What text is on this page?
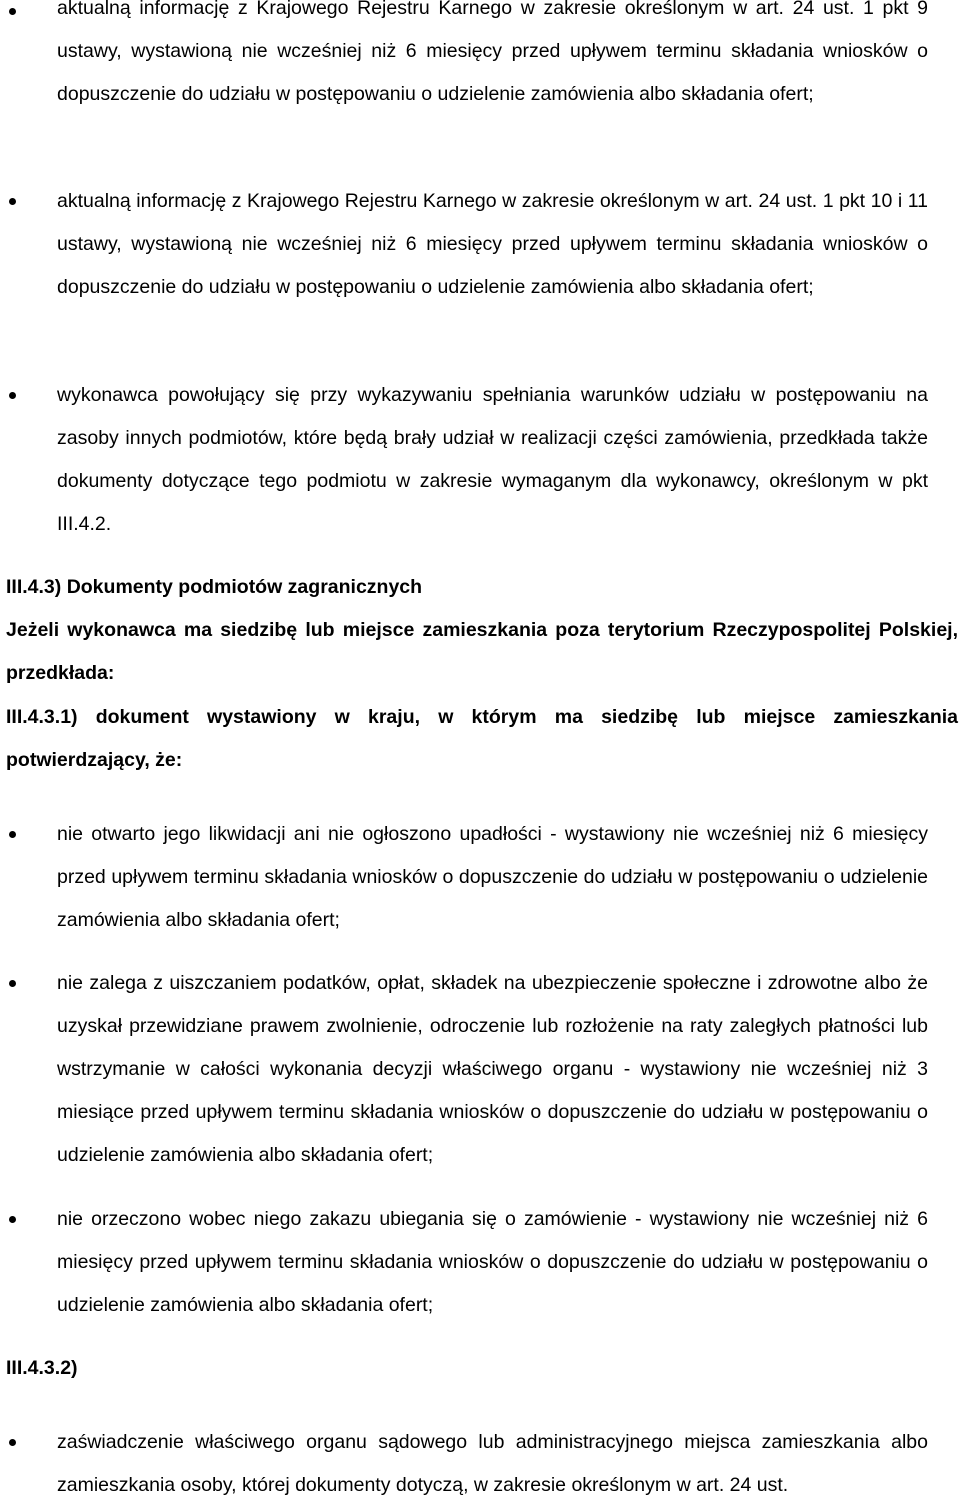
aktualną informację z Krajowego Rejestru Karnego w zakresie określonym w art. 24 ust. 1 pkt 9 ustawy, wystawioną nie wcześniej niż 6 miesięcy przed upływem terminu składania wniosków o dopuszczenie do udziału w postępowaniu o udzielenie zamówienia albo składania ofert;

aktualną informację z Krajowego Rejestru Karnego w zakresie określonym w art. 24 ust. 1 pkt 10 i 11 ustawy, wystawioną nie wcześniej niż 6 miesięcy przed upływem terminu składania wniosków o dopuszczenie do udziału w postępowaniu o udzielenie zamówienia albo składania ofert;

wykonawca powołujący się przy wykazywaniu spełniania warunków udziału w postępowaniu na zasoby innych podmiotów, które będą brały udział w realizacji części zamówienia, przedkłada także dokumenty dotyczące tego podmiotu w zakresie wymaganym dla wykonawcy, określonym w pkt III.4.2.

III.4.3) Dokumenty podmiotów zagranicznych

Jeżeli wykonawca ma siedzibę lub miejsce zamieszkania poza terytorium Rzeczypospolitej Polskiej, przedkłada:

III.4.3.1) dokument wystawiony w kraju, w którym ma siedzibę lub miejsce zamieszkania potwierdzający, że:

nie otwarto jego likwidacji ani nie ogłoszono upadłości - wystawiony nie wcześniej niż 6 miesięcy przed upływem terminu składania wniosków o dopuszczenie do udziału w postępowaniu o udzielenie zamówienia albo składania ofert;

nie zalega z uiszczaniem podatków, opłat, składek na ubezpieczenie społeczne i zdrowotne albo że uzyskał przewidziane prawem zwolnienie, odroczenie lub rozłożenie na raty zaległych płatności lub wstrzymanie w całości wykonania decyzji właściwego organu - wystawiony nie wcześniej niż 3 miesiące przed upływem terminu składania wniosków o dopuszczenie do udziału w postępowaniu o udzielenie zamówienia albo składania ofert;

nie orzeczono wobec niego zakazu ubiegania się o zamówienie - wystawiony nie wcześniej niż 6 miesięcy przed upływem terminu składania wniosków o dopuszczenie do udziału w postępowaniu o udzielenie zamówienia albo składania ofert;

III.4.3.2)

zaświadczenie właściwego organu sądowego lub administracyjnego miejsca zamieszkania albo zamieszkania osoby, której dokumenty dotyczą, w zakresie określonym w art. 24 ust.
